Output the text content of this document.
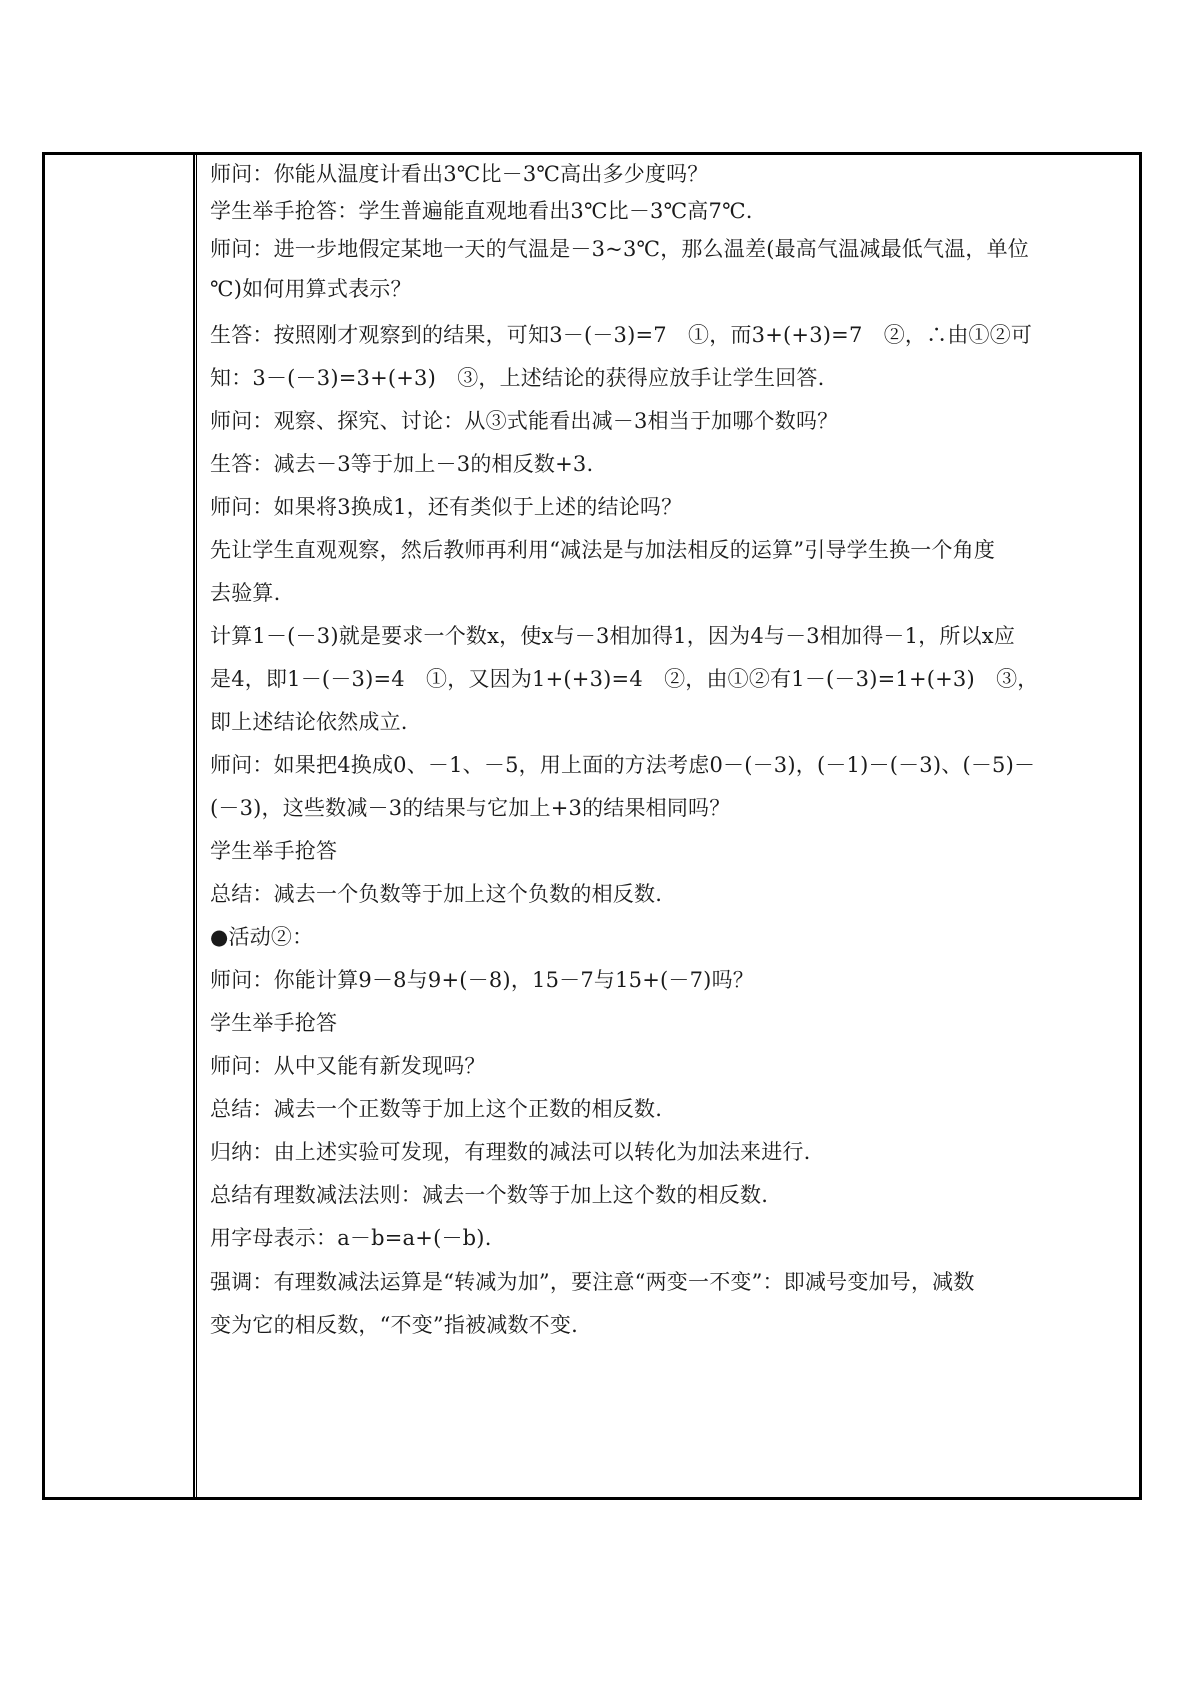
师问：你能从温度计看出3℃比－3℃高出多少度吗？
学生举手抢答：学生普遍能直观地看出3℃比－3℃高7℃.
师问：进一步地假定某地一天的气温是－3~3℃，那么温差(最高气温减最低气温，单位
℃)如何用算式表示？
生答：按照刚才观察到的结果，可知3－(－3)=7　①，而3+(+3)=7　②，∴由①②可
知：3－(－3)=3+(+3)　③，上述结论的获得应放手让学生回答.
师问：观察、探究、讨论：从③式能看出减－3相当于加哪个数吗？
生答：减去－3等于加上－3的相反数+3.
师问：如果将3换成1，还有类似于上述的结论吗？
先让学生直观观察，然后教师再利用“减法是与加法相反的运算”引导学生换一个角度
去验算.
计算1－(－3)就是要求一个数x，使x与－3相加得1，因为4与－3相加得－1，所以x应
是4，即1－(－3)=4　①，又因为1+(+3)=4　②，由①②有1－(－3)=1+(+3)　③，
即上述结论依然成立.
师问：如果把4换成0、－1、－5，用上面的方法考虑0－(－3)，(－1)－(－3)、(－5)－
(－3)，这些数减－3的结果与它加上+3的结果相同吗？
学生举手抢答
总结：减去一个负数等于加上这个负数的相反数.
●活动②：
师问：你能计算9－8与9+(－8)，15－7与15+(－7)吗？
学生举手抢答
师问：从中又能有新发现吗？
总结：减去一个正数等于加上这个正数的相反数.
归纳：由上述实验可发现，有理数的减法可以转化为加法来进行.
总结有理数减法法则：减去一个数等于加上这个数的相反数.
用字母表示：a－b=a+(－b).
强调：有理数减法运算是“转减为加”，要注意“两变一不变”：即减号变加号，减数
变为它的相反数，“不变”指被减数不变.
